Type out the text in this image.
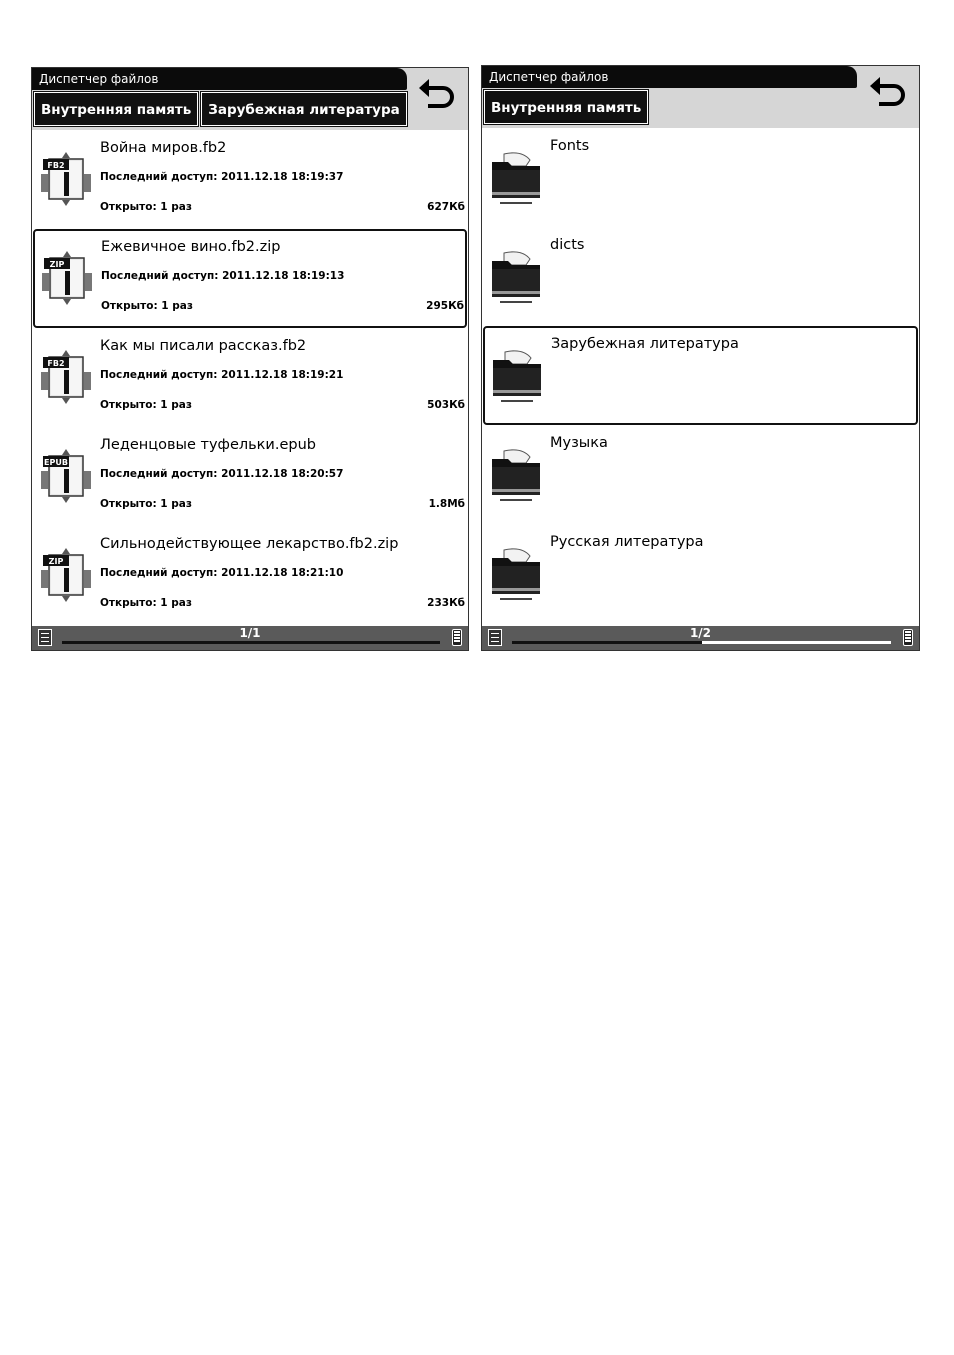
Диспетчер файлов
Внутренняя память	Зарубежная литература
FB2
Война миров.fb2
Последний доступ: 2011.12.18 18:19:37
Открыто: 1 раз	627Кб
ZIP
Ежевичное вино.fb2.zip
Последний доступ: 2011.12.18 18:19:13
Открыто: 1 раз	295Кб
FB2
Как мы писали рассказ.fb2
Последний доступ: 2011.12.18 18:19:21
Открыто: 1 раз	503Кб
EPUB
Леденцовые туфельки.epub
Последний доступ: 2011.12.18 18:20:57
Открыто: 1 раз	1.8Мб
ZIP
Сильнодействующее лекарство.fb2.zip
Последний доступ: 2011.12.18 18:21:10
Открыто: 1 раз	233Кб
1/1
Диспетчер файлов
Внутренняя память
Fonts
dicts
Зарубежная литература
Музыка
Русская литература
1/2
